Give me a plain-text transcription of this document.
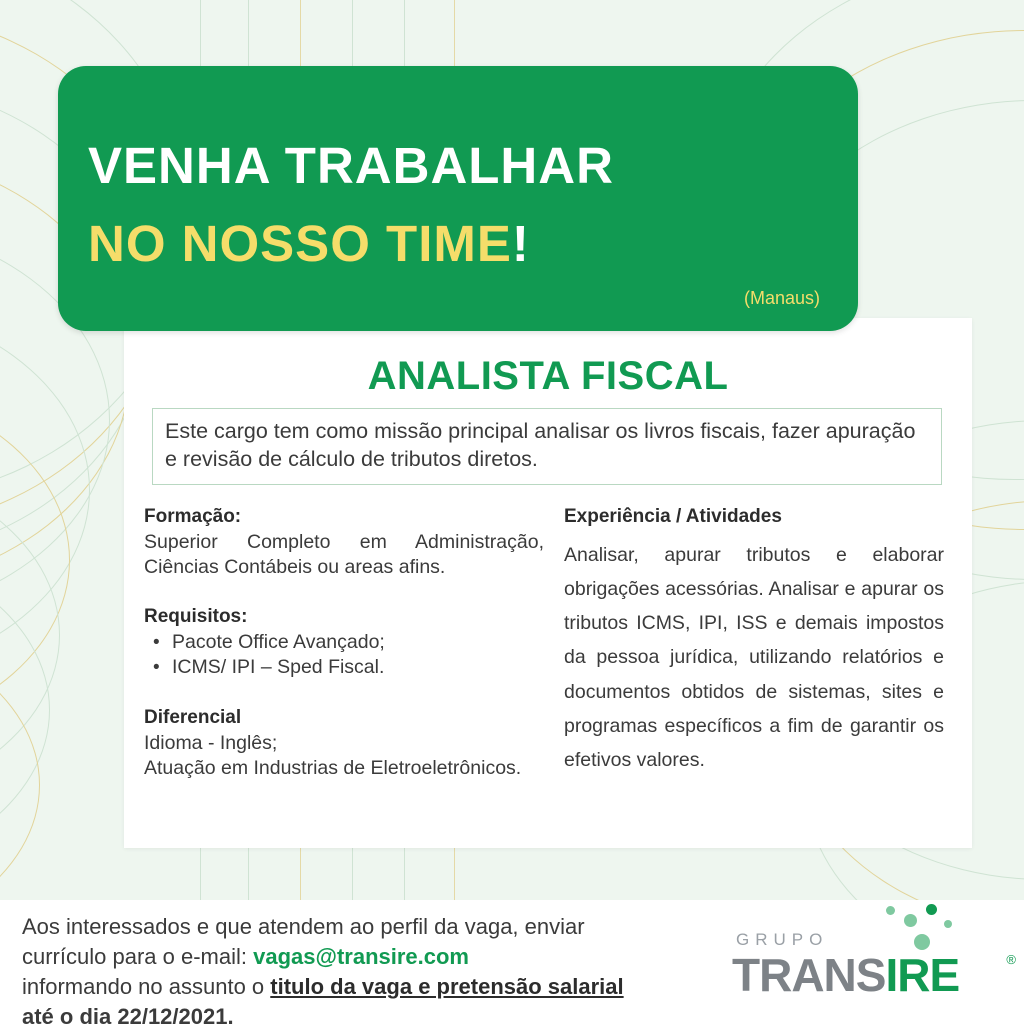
VENHA TRABALHAR
NO NOSSO TIME!
(Manaus)
ANALISTA FISCAL

Este cargo tem como missão principal analisar os livros fiscais, fazer apuração e revisão de cálculo de tributos diretos.

Formação:
Superior Completo em Administração, Ciências Contábeis ou areas afins.
Requisitos:
• Pacote Office Avançado;
• ICMS/ IPI – Sped Fiscal.
Diferencial
Idioma - Inglês;
Atuação em Industrias de Eletroeletrônicos.
Experiência / Atividades
Analisar, apurar tributos e elaborar obrigações acessórias. Analisar e apurar os tributos ICMS, IPI, ISS e demais impostos da pessoa jurídica, utilizando relatórios e documentos obtidos de sistemas, sites e programas específicos a fim de garantir os efetivos valores.
Aos interessados e que atendem ao perfil da vaga, enviar
currículo para o e-mail: vagas@transire.com
informando no assunto o titulo da vaga e pretensão salarial
até o dia 22/12/2021.
GRUPO
TRANSIRE	®
